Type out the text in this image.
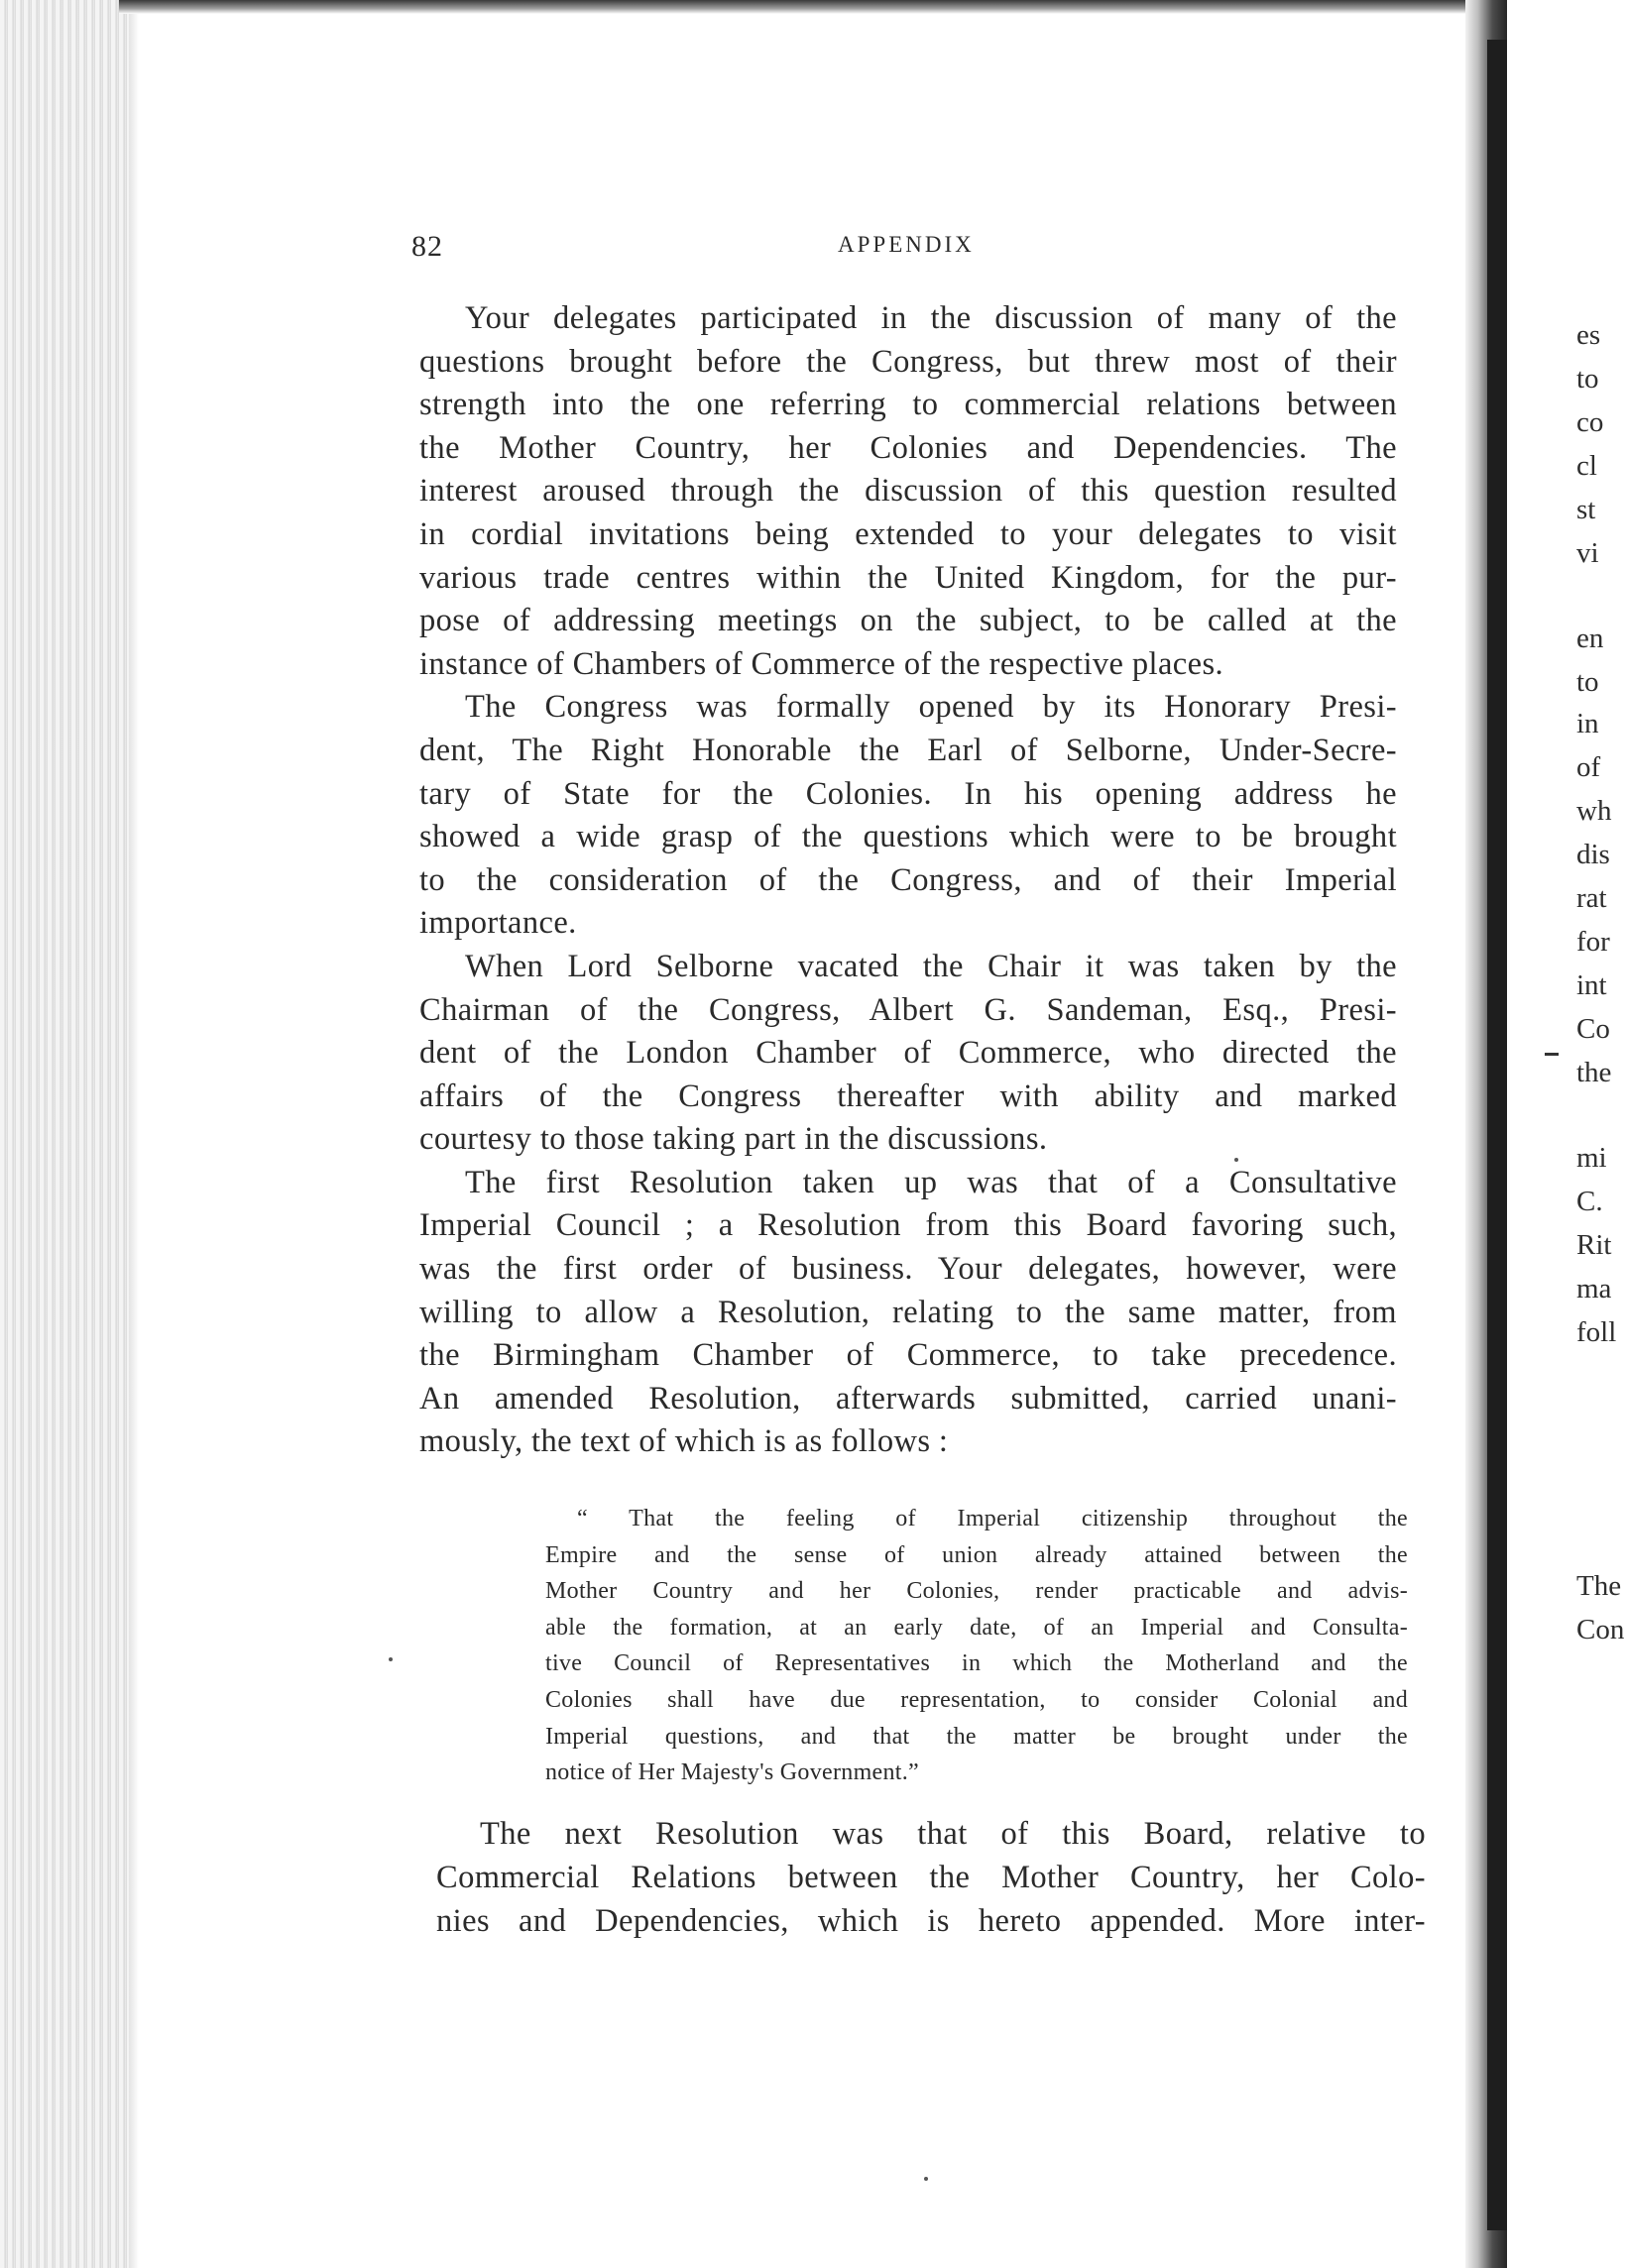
82	APPENDIX
Your delegates participated in the discussion of many of the
questions brought before the Congress, but threw most of their
strength into the one referring to commercial relations between
the Mother Country, her Colonies and Dependencies. The
interest aroused through the discussion of this question resulted
in cordial invitations being extended to your delegates to visit
various trade centres within the United Kingdom, for the pur-
pose of addressing meetings on the subject, to be called at the
instance of Chambers of Commerce of the respective places.
The Congress was formally opened by its Honorary Presi-
dent, The Right Honorable the Earl of Selborne, Under-Secre-
tary of State for the Colonies. In his opening address he
showed a wide grasp of the questions which were to be brought
to the consideration of the Congress, and of their Imperial
importance.
When Lord Selborne vacated the Chair it was taken by the
Chairman of the Congress, Albert G. Sandeman, Esq., Presi-
dent of the London Chamber of Commerce, who directed the
affairs of the Congress thereafter with ability and marked
courtesy to those taking part in the discussions.
The first Resolution taken up was that of a Consultative
Imperial Council ; a Resolution from this Board favoring such,
was the first order of business. Your delegates, however, were
willing to allow a Resolution, relating to the same matter, from
the Birmingham Chamber of Commerce, to take precedence.
An amended Resolution, afterwards submitted, carried unani-
mously, the text of which is as follows :
“ That the feeling of Imperial citizenship throughout the
Empire and the sense of union already attained between the
Mother Country and her Colonies, render practicable and advis-
able the formation, at an early date, of an Imperial and Consulta-
tive Council of Representatives in which the Motherland and the
Colonies shall have due representation, to consider Colonial and
Imperial questions, and that the matter be brought under the
notice of Her Majesty's Government.”
The next Resolution was that of this Board, relative to
Commercial Relations between the Mother Country, her Colo-
nies and Dependencies, which is hereto appended. More inter-
es
to
co
cl
st
vi
en
to
in
of
wh
dis
rat
for
int
Co
the
mi
C.
Rit
ma
foll
The
Con
